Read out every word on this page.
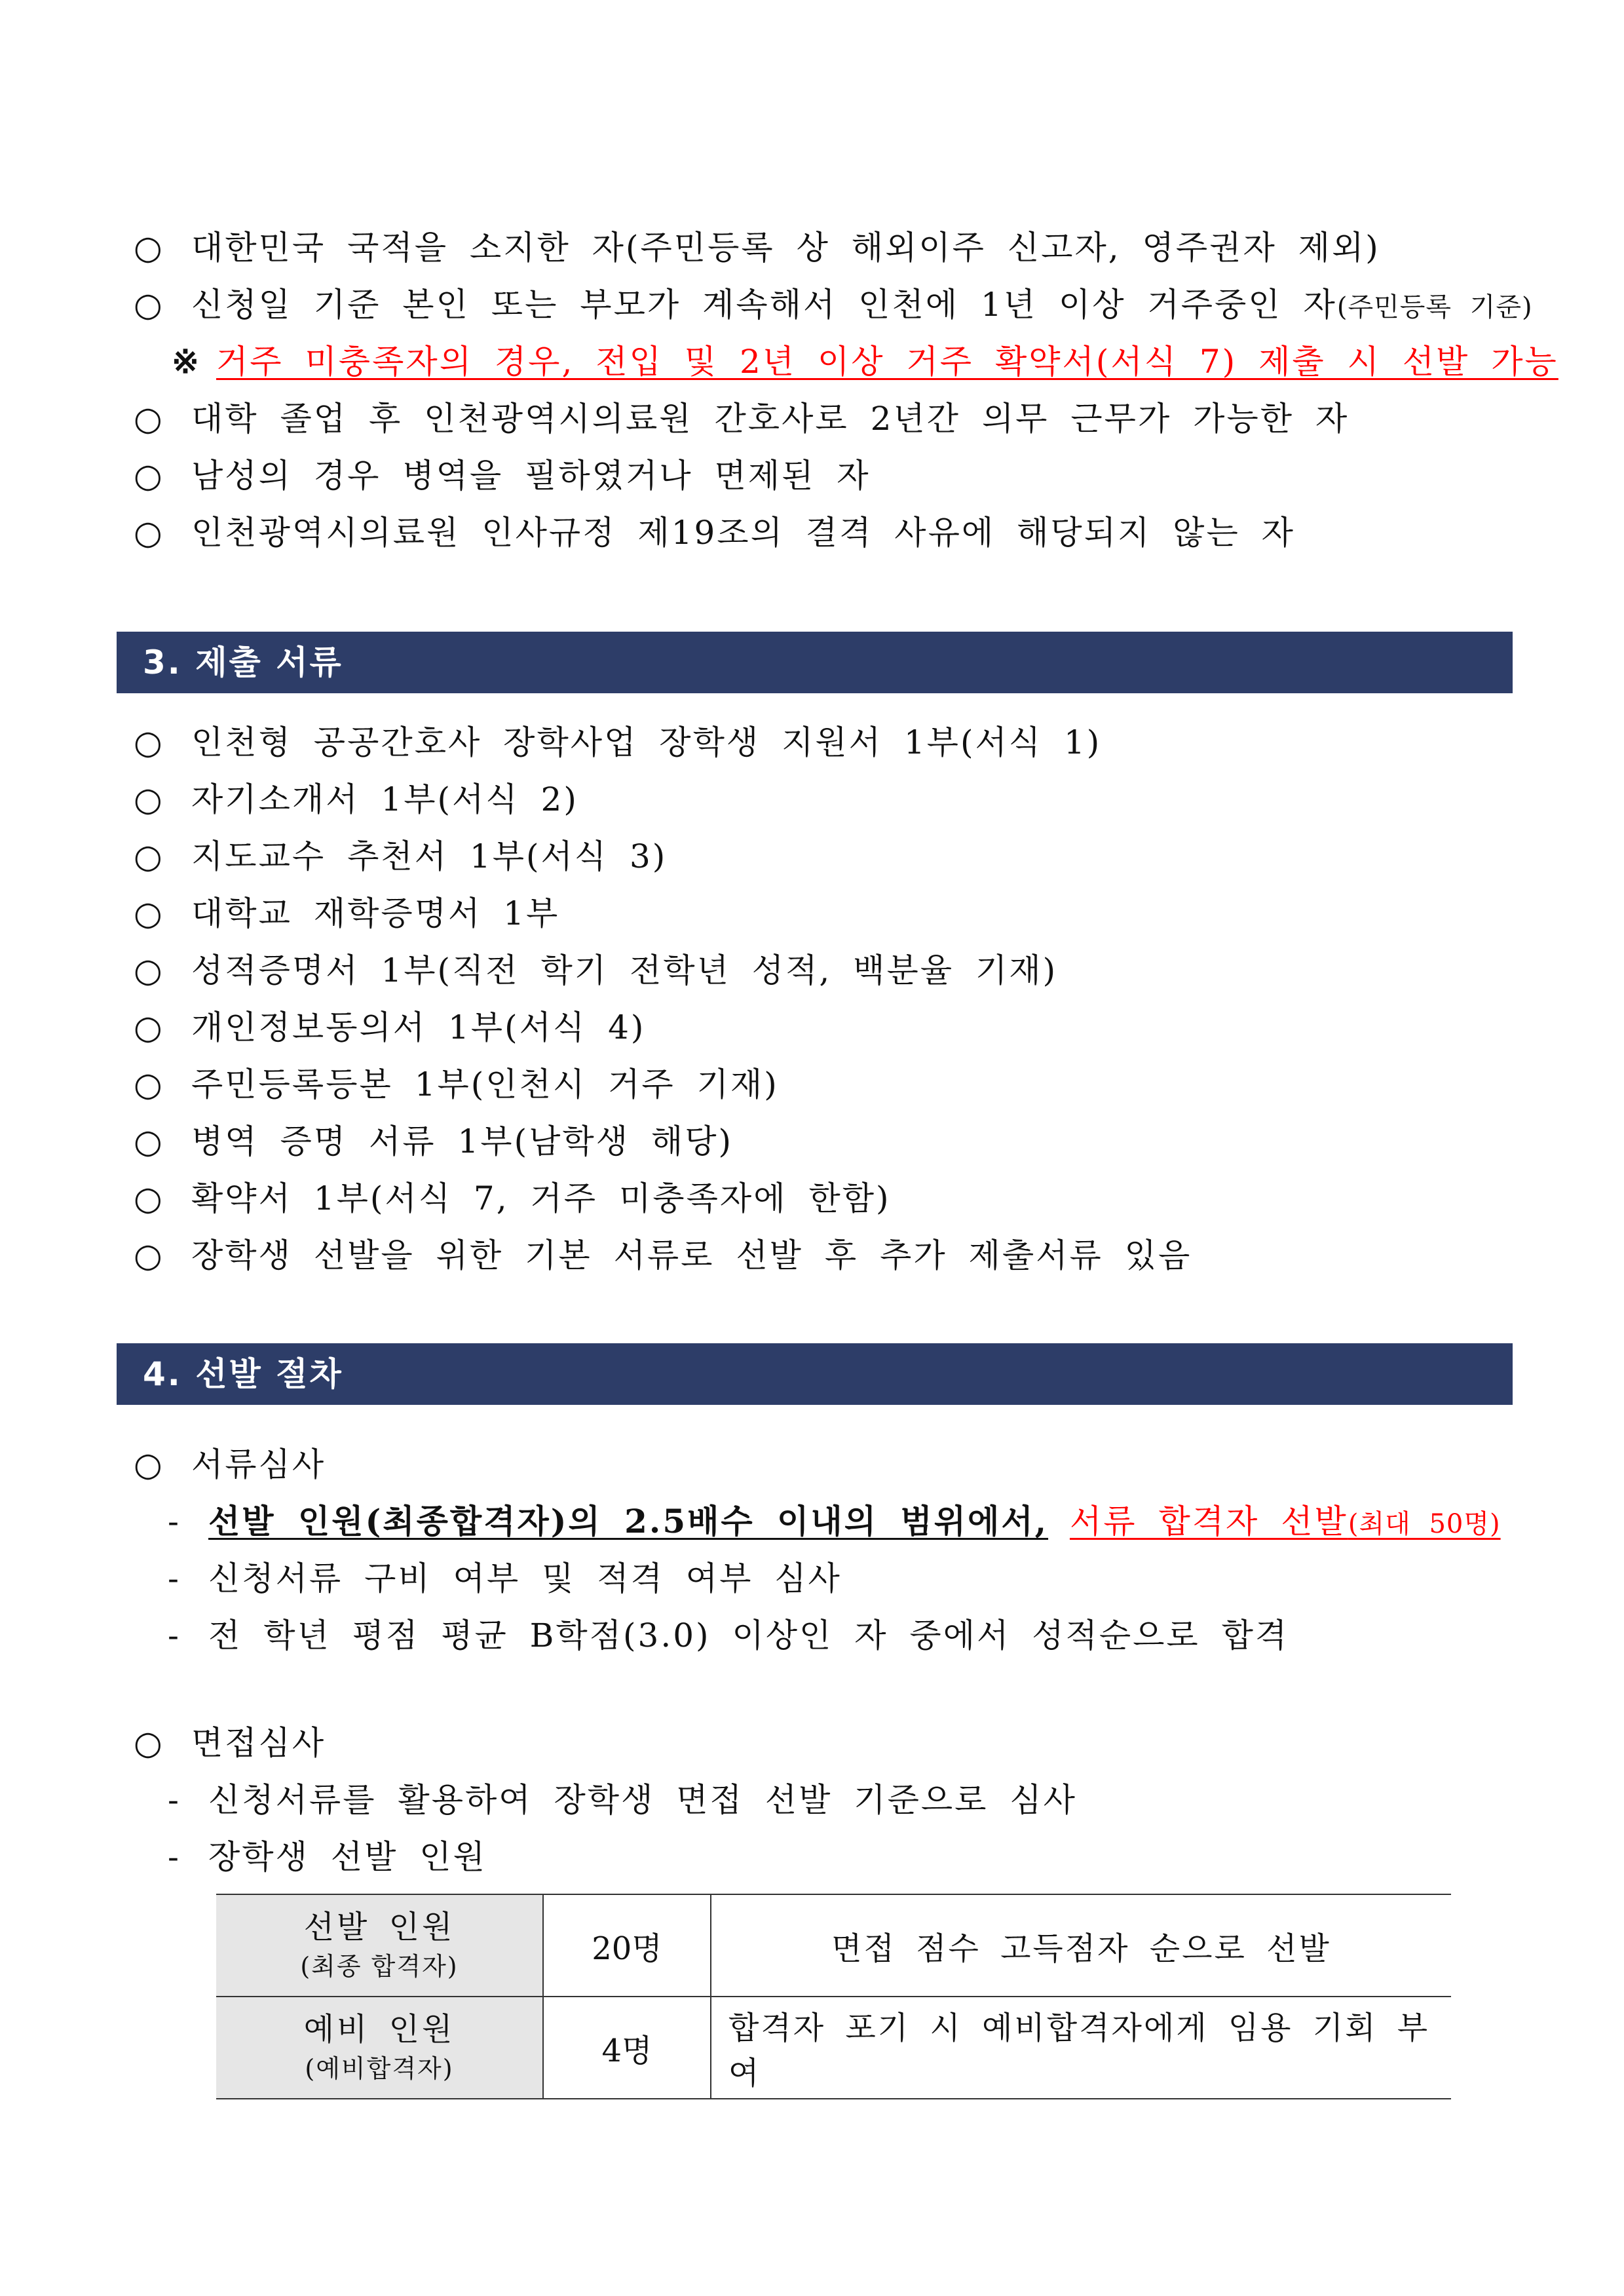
○ 대한민국 국적을 소지한 자(주민등록 상 해외이주 신고자, 영주권자 제외)
○ 신청일 기준 본인 또는 부모가 계속해서 인천에 1년 이상 거주중인 자(주민등록 기준)
※ 거주 미충족자의 경우, 전입 및 2년 이상 거주 확약서(서식 7) 제출 시 선발 가능
○ 대학 졸업 후 인천광역시의료원 간호사로 2년간 의무 근무가 가능한 자
○ 남성의 경우 병역을 필하였거나 면제된 자
○ 인천광역시의료원 인사규정 제19조의 결격 사유에 해당되지 않는 자
3. 제출 서류
○ 인천형 공공간호사 장학사업 장학생 지원서 1부(서식 1)
○ 자기소개서 1부(서식 2)
○ 지도교수 추천서 1부(서식 3)
○ 대학교 재학증명서 1부
○ 성적증명서 1부(직전 학기 전학년 성적, 백분율 기재)
○ 개인정보동의서 1부(서식 4)
○ 주민등록등본 1부(인천시 거주 기재)
○ 병역 증명 서류 1부(남학생 해당)
○ 확약서 1부(서식 7, 거주 미충족자에 한함)
○ 장학생 선발을 위한 기본 서류로 선발 후 추가 제출서류 있음
4. 선발 절차
○ 서류심사
- 선발 인원(최종합격자)의 2.5배수 이내의 범위에서, 서류 합격자 선발(최대 50명)
- 신청서류 구비 여부 및 적격 여부 심사
- 전 학년 평점 평균 B학점(3.0) 이상인 자 중에서 성적순으로 합격
○ 면접심사
- 신청서류를 활용하여 장학생 면접 선발 기준으로 심사
- 장학생 선발 인원
선발 인원
(최종 합격자)	20명	면접 점수 고득점자 순으로 선발

예비 인원
(예비합격자)	4명	합격자 포기 시 예비합격자에게 임용 기회 부여
